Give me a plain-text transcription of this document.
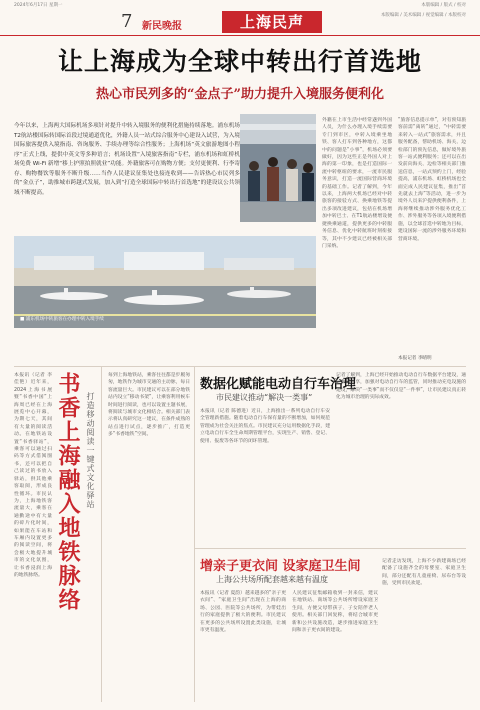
2024年6月17日 星期一	本版编辑 / 版式 / 校对
7 新民晚报	上海民声	本版编辑 / 美术编辑 / 视觉编辑 / 本版校对
让上海成为全球中转出行首选地
热心市民列多的“金点子”助力提升入境服务便利化
今年以来，上海两大国际机场多项针对提升中转入境服务的便利化措施持续落地。浦东机场T2航站楼国际转国际首段过境通道优化，外籍人员一站式综合服务中心建设入试营，为入境国际旅客提供入境指南、咨询服务、手续办理等综合性服务；上海机场“英文旅游地图小程序”正式上线，提供中英文等多种语言；机场设置“入境旅客指南”专栏，浦东机场和虹桥机场免费 Wi-Fi 新增“移上护照拍照就业”功能。外籍旅客可在购物方便；支付更便利、行李寄存、购物餐饮等服务不断升级……当作人民建议征集处也接连收到——告诉热心市民列多的“金点子”，助推城市跨越式发展，加入到“打造全球国际中转出行首选地”的建设议公共领域不断提高。
■ 浦东机场中转旅客在办理中转入境手续
外籍在上市生活中经常遇到外国人员，为什么办理入境手续需要专门到市区，中转入境乘坐地铁、客人打车到各种地方，这都中的问题是“小事”，机场必须要做好，因为这些正是外国人对上海的第一印象，也是打造国际一流中转枢纽的要求，一流市民服务意识，打造一流国际营商环境的基础工作。记者了解到，今年以来，上海两大机场已经对中转旅客的接驳方式、换乘地铁等提出多项改进建议，包括在机场增加中转巴士、在T1航站楼增设便捷换乘通道，提供更多的中转服务信息、优化中转航班时刻衔接等，其中不少建议已经被相关部门采纳。
“旅客信息提示单”，对有预知旅客前需“离转”通过，“中转需要来转入一站式”旅客需求，并且服务配备，帮助机场、海关、边检部门的预先信息，做好境外旅客一站式便利服务；还可以在出发前向海关、边检等相关部门推送信息，一站式预约上门，经验提高，浦东机场、虹桥机场也全面完成人民建议征集，推出“首先就去上海”等活动，进一步为境外人员来沪提供便利条件，上海将继续推动涉外服务优化工作、涉外服务等各项入境便利措施，以全球首选中转地为目标，建设国际一流的涉外服务环境和营商环境。
本报记者 李晴明
本报讯（记者 李佳艳）近年来，2024上海书展暨“书香中国”上海周已经在上海展览中心开幕，为期七天，其间有大量的阅读活动。在地铁站设置“书香驿站”，乘客可以通过扫码等方式借阅图书，还可以把自己读过的书放入驿站，供其他乘客取阅，形成良性循环。市民认为，上海地铁客流量大，乘客在通勤途中有大量的碎片化时间，如果能在车站和车厢内设置更多的阅读空间，将会极大地提升城市的文化氛围，让书香浸润上海的地铁脉络。 书香上海融入地铁脉络 打造移动阅读一键式文化驿站
每到上海地铁站，乘客往往都是步履匆匆，地铁作为城市交通的主动脉，每日客流量巨大。市民建议可以在部分地铁站内设立“移动书架”，让乘客利用候车时间进行阅读，也可以设置主题书展，将阅读与城市文化相结合。相关部门表示将认真研究这一建议，在条件成熟的站点进行试点，逐步推广，打造更多“书香地铁”空间。
数据化赋能电动自行车治理
市民建议推动“解决一类事”
本报讯（记者 陈德进）近日，上海推出一系列电动自行车安全管理新措施。随着电动自行车保有量的不断增加，如何规范管理成为社会关注的焦点。市民建议充分运用数据化手段，建立电动自行车全生命周期管理平台，实现生产、销售、登记、使用、报废等各环节的闭环管理。
记者了解到，上海已经开始推动电动自行车数据平台建设，通过数据共享，加强对电动自行车的监管，同时推动充电设施的建设，解决“一类事”而不仅仅是“一件事”，让市民建议真正转化为城市治理的实际成效。
增亲子更衣间 设家庭卫生间
上海公共场所配套越来越有温度
本报讯（记者 夏韵）越来越多的“亲子更衣间”、“家庭卫生间”出现在上海的商场、公园、医院等公共场所，为带娃出行的家庭提供了极大的便利。市民建议在更多的公共场所设置此类设施，让城市更有温度。
人民建议征集邮箱收到一封来信，建议在地铁站、商场等公共场所增设家庭卫生间，方便父母带孩子、子女陪伴老人使用。相关部门回复称，将结合城市更新和公共设施改造，逐步推进家庭卫生间和亲子更衣间的建设。
记者走访发现，上海不少新建商场已经配备了设施齐全的母婴室、家庭卫生间，部分还配有儿童座椅、尿布台等设施，受到市民欢迎。
